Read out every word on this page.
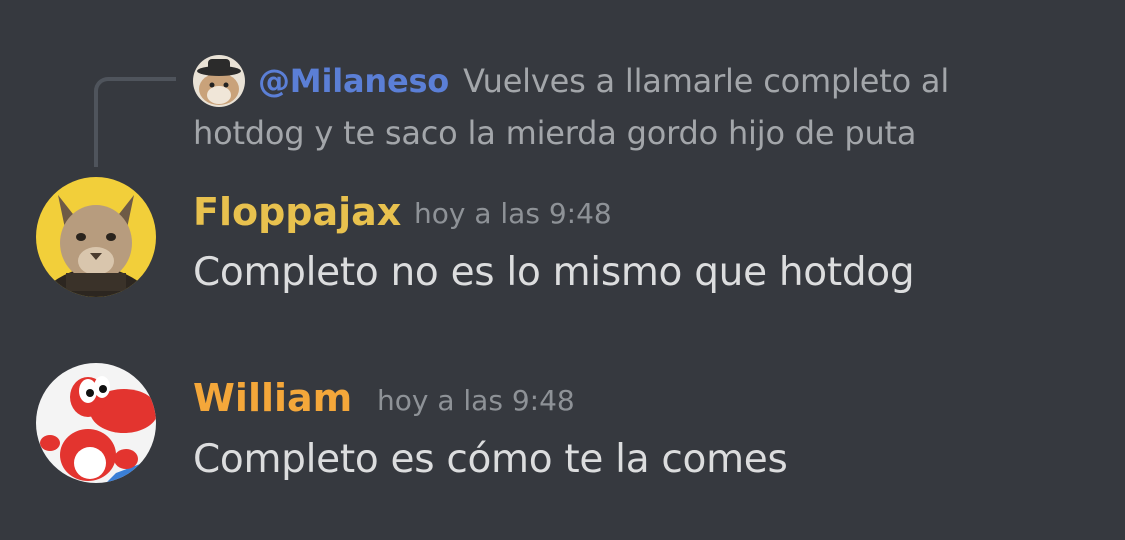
@Milaneso Vuelves a llamarle completo al
hotdog y te saco la mierda gordo hijo de puta
Floppajax hoy a las 9:48
Completo no es lo mismo que hotdog
William hoy a las 9:48
Completo es cómo te la comes
